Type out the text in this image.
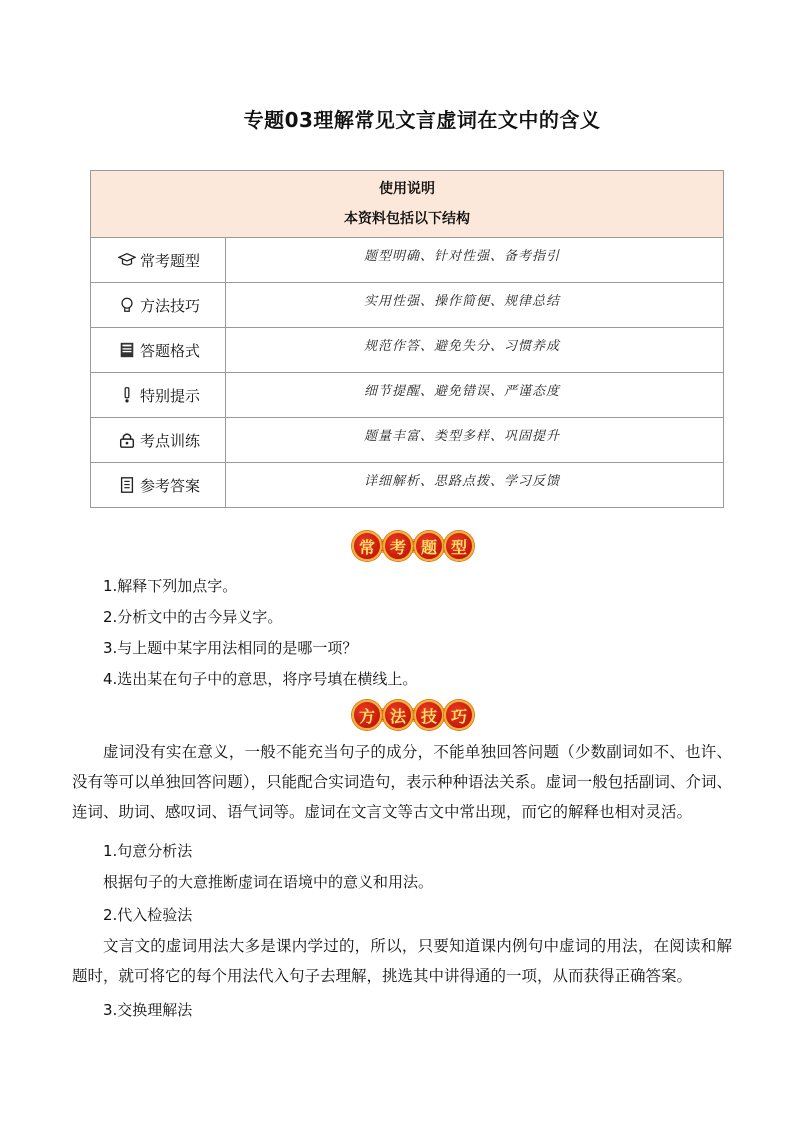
专题03理解常见文言虚词在文中的含义
使用说明
本资料包括以下结构	

常考题型	题型明确、针对性强、备考指引

方法技巧	实用性强、操作简便、规律总结

答题格式	规范作答、避免失分、习惯养成

特别提示	细节提醒、避免错误、严谨态度

考点训练	题量丰富、类型多样、巩固提升

参考答案	详细解析、思路点拨、学习反馈
常 考 题 型
1.解释下列加点字。
2.分析文中的古今异义字。
3.与上题中某字用法相同的是哪一项？
4.选出某在句子中的意思，将序号填在横线上。
方 法 技 巧
虚词没有实在意义，一般不能充当句子的成分，不能单独回答问题（少数副词如不、也许、没有等可以单独回答问题），只能配合实词造句，表示种种语法关系。虚词一般包括副词、介词、连词、助词、感叹词、语气词等。虚词在文言文等古文中常出现，而它的解释也相对灵活。
1.句意分析法
根据句子的大意推断虚词在语境中的意义和用法。
2.代入检验法
文言文的虚词用法大多是课内学过的，所以，只要知道课内例句中虚词的用法，在阅读和解题时，就可将它的每个用法代入句子去理解，挑选其中讲得通的一项，从而获得正确答案。
3.交换理解法
